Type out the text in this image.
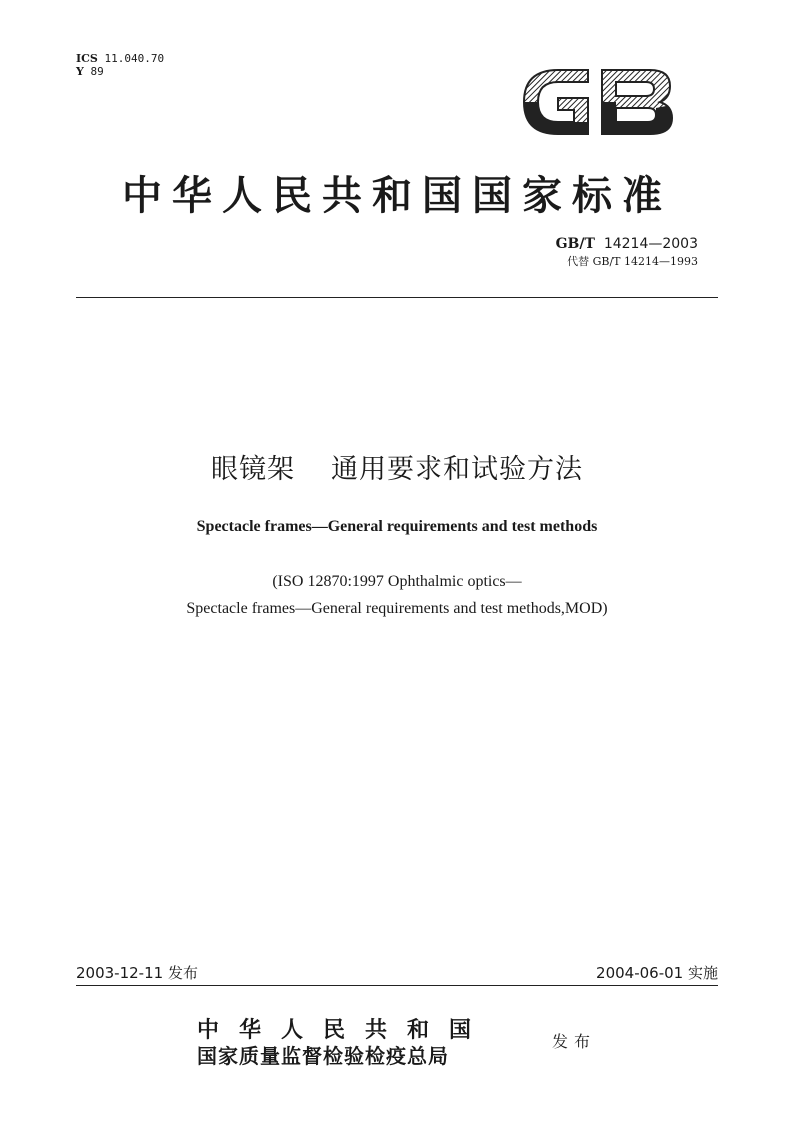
ICS 11.040.70
Y 89
中华人民共和国国家标准
GB/T 14214—2003
代替 GB/T 14214—1993
眼镜架 通用要求和试验方法
Spectacle frames—General requirements and test methods
(ISO 12870:1997 Ophthalmic optics—
Spectacle frames—General requirements and test methods,MOD)
2003-12-11 发布	2004-06-01 实施
中华人民共和国
国家质量监督检验检疫总局
发布
